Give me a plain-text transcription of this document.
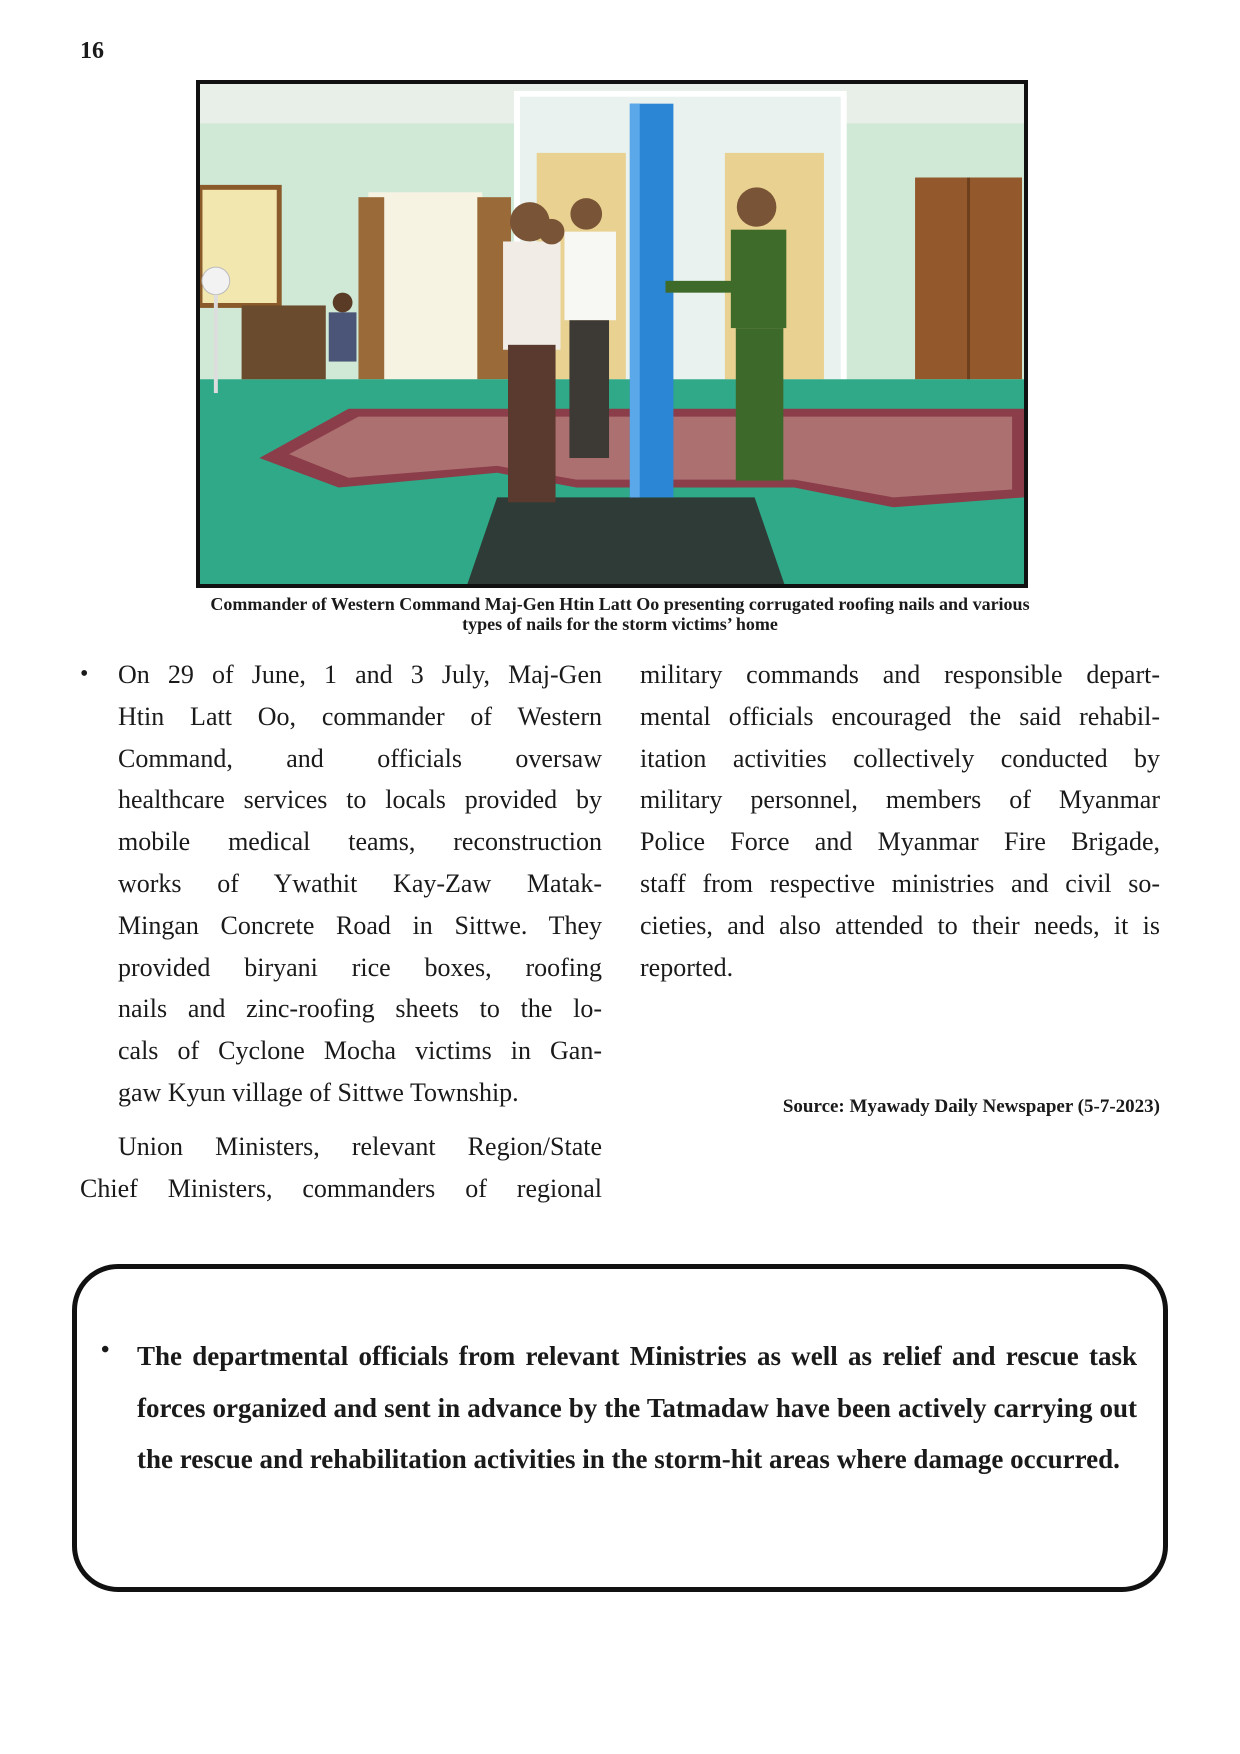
16
Commander of Western Command Maj-Gen Htin Latt Oo presenting corrugated roofing nails and various
types of nails for the storm victims’ home
• On 29 of June, 1 and 3 July, Maj-Gen
Htin Latt Oo, commander of Western
Command, and officials oversaw
healthcare services to locals provided by
mobile medical teams, reconstruction
works of Ywathit Kay-Zaw Matak-
Mingan Concrete Road in Sittwe. They
provided biryani rice boxes, roofing
nails and zinc-roofing sheets to the lo-
cals of Cyclone Mocha victims in Gan-
gaw Kyun village of Sittwe Township.
Union Ministers, relevant Region/State
Chief Ministers, commanders of regional
military commands and responsible depart-
mental officials encouraged the said rehabil-
itation activities collectively conducted by
military personnel, members of Myanmar
Police Force and Myanmar Fire Brigade,
staff from respective ministries and civil so-
cieties, and also attended to their needs, it is
reported.
Source: Myawady Daily Newspaper (5-7-2023)
• The departmental officials from relevant Ministries as well as relief and rescue task forces organized and sent in advance by the Tatmadaw have been actively carrying out the rescue and rehabilitation activities in the storm-hit areas where damage occurred.
